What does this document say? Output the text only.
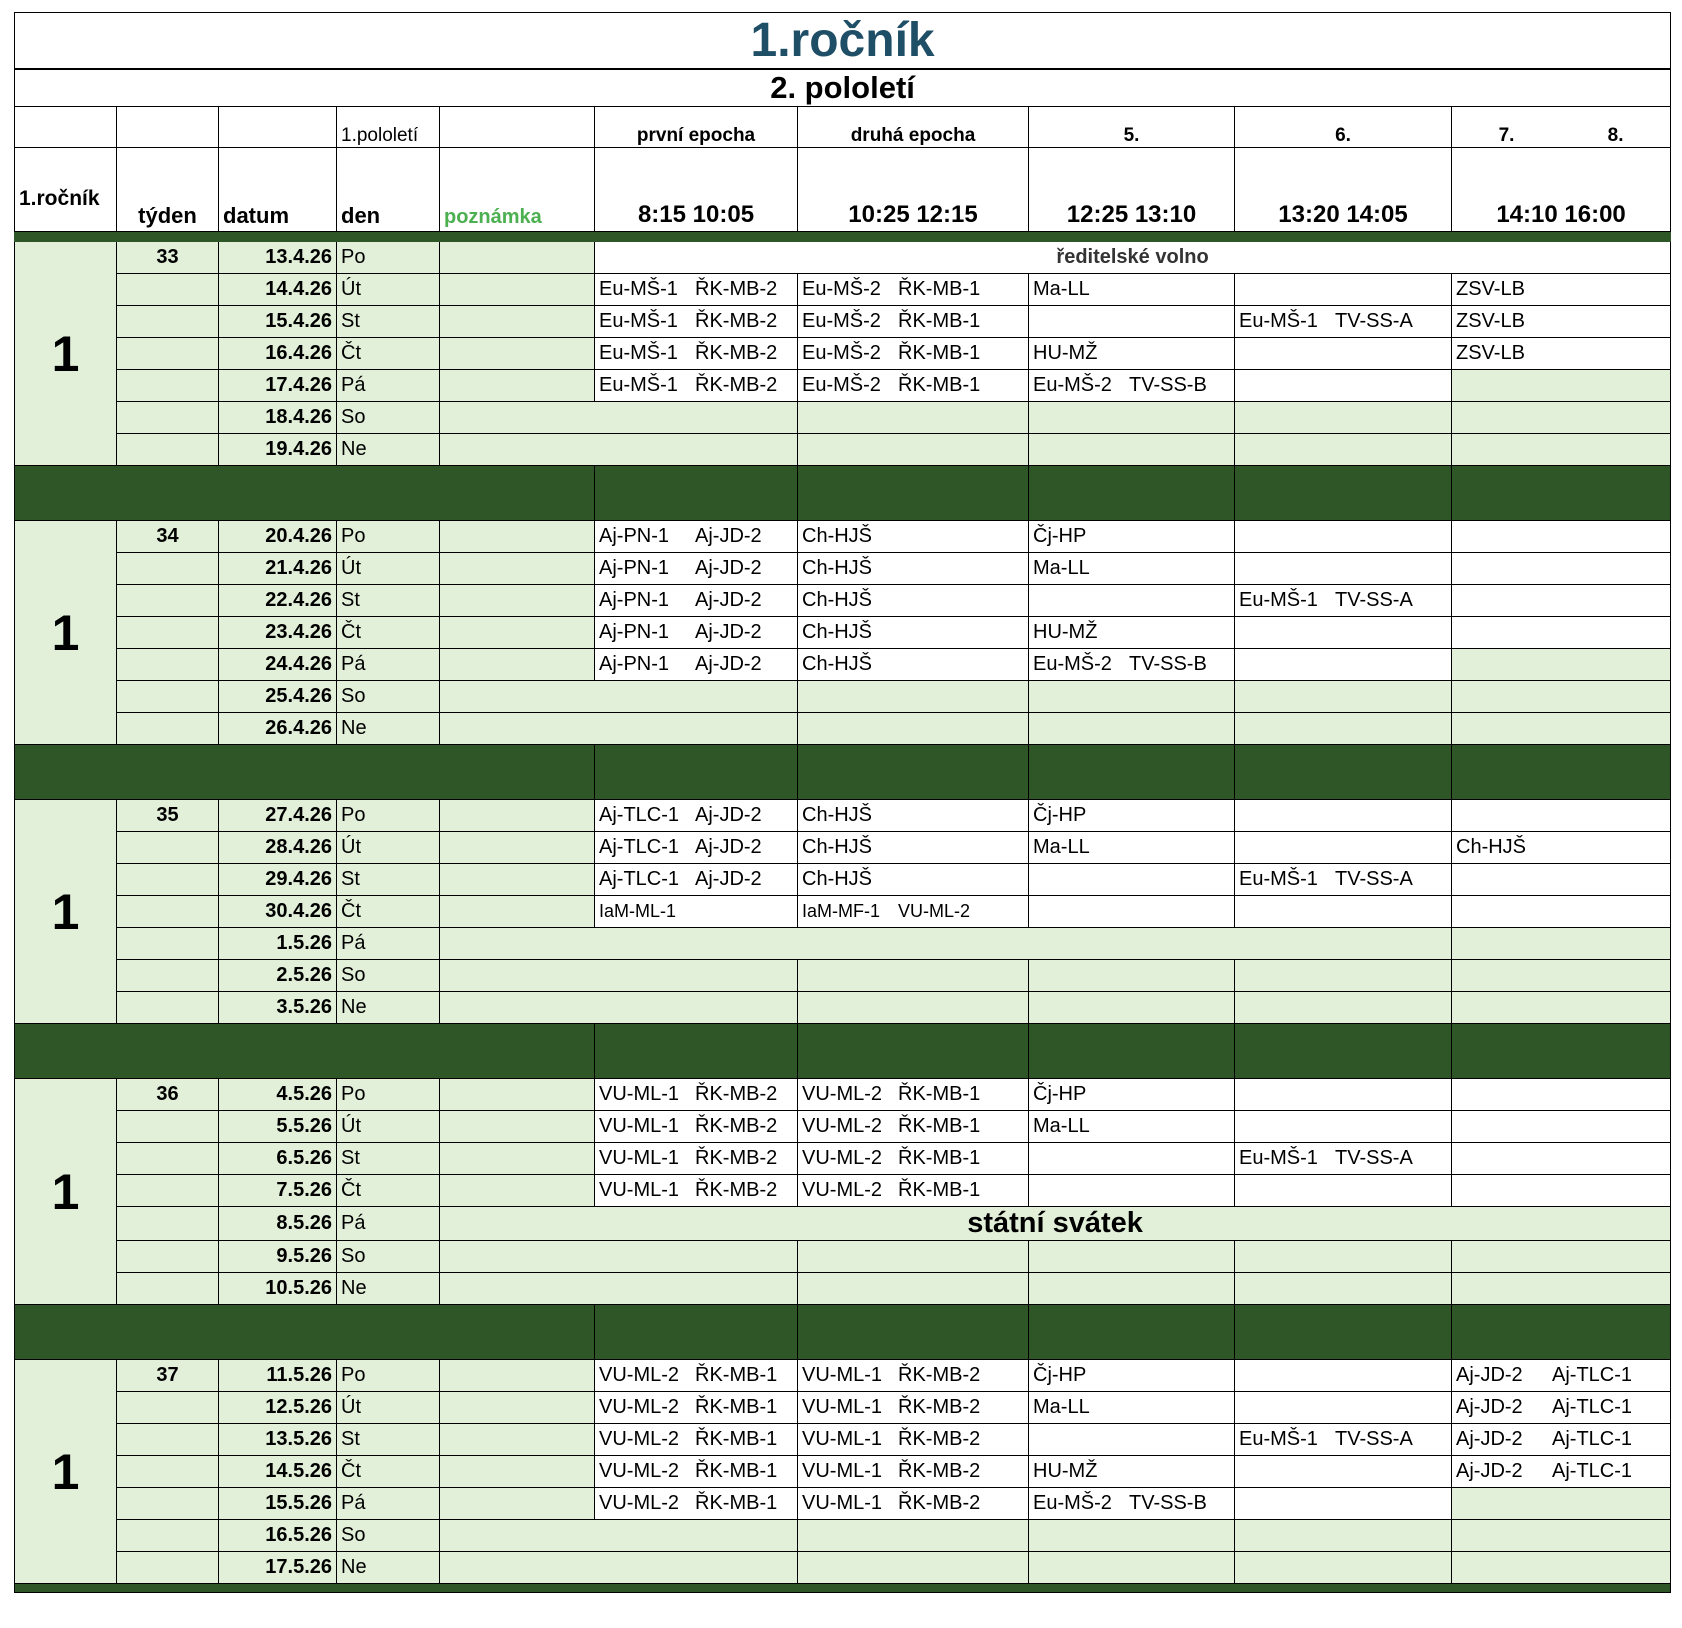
1.ročník									
2. pololetí									
			1.pololetí		první epocha	druhá epocha	5.	6.	7. 8.

1.ročník	týden	datum	den	poznámka	8:15 10:05	10:25 12:15	12:25 13:10	13:20 14:05	14:10 16:00

1	33	13.4.26	Po		ředitelské volno				
		14.4.26	Út		Eu-MŠ-1 ŘK-MB-2	Eu-MŠ-2 ŘK-MB-1	Ma-LL		ZSV-LB
		15.4.26	St		Eu-MŠ-1 ŘK-MB-2	Eu-MŠ-2 ŘK-MB-1		Eu-MŠ-1 TV-SS-A	ZSV-LB
		16.4.26	Čt		Eu-MŠ-1 ŘK-MB-2	Eu-MŠ-2 ŘK-MB-1	HU-MŽ		ZSV-LB
		17.4.26	Pá		Eu-MŠ-1 ŘK-MB-2	Eu-MŠ-2 ŘK-MB-1	Eu-MŠ-2 TV-SS-B		

		18.4.26	So						
		19.4.26	Ne						

1	34	20.4.26	Po		Aj-PN-1 Aj-JD-2	Ch-HJŠ	Čj-HP		
		21.4.26	Út		Aj-PN-1 Aj-JD-2	Ch-HJŠ	Ma-LL		
		22.4.26	St		Aj-PN-1 Aj-JD-2	Ch-HJŠ		Eu-MŠ-1 TV-SS-A	

		23.4.26	Čt		Aj-PN-1 Aj-JD-2	Ch-HJŠ	HU-MŽ		
		24.4.26	Pá		Aj-PN-1 Aj-JD-2	Ch-HJŠ	Eu-MŠ-2 TV-SS-B		

		25.4.26	So						
		26.4.26	Ne						

1	35	27.4.26	Po		Aj-TLC-1 Aj-JD-2	Ch-HJŠ	Čj-HP		
		28.4.26	Út		Aj-TLC-1 Aj-JD-2	Ch-HJŠ	Ma-LL		Ch-HJŠ
		29.4.26	St		Aj-TLC-1 Aj-JD-2	Ch-HJŠ		Eu-MŠ-1 TV-SS-A	

		30.4.26	Čt		IaM-ML-1	IaM-MF-1 VU-ML-2			

		1.5.26	Pá						
		2.5.26	So						
		3.5.26	Ne						

1	36	4.5.26	Po		VU-ML-1 ŘK-MB-2	VU-ML-2 ŘK-MB-1	Čj-HP		
		5.5.26	Út		VU-ML-1 ŘK-MB-2	VU-ML-2 ŘK-MB-1	Ma-LL		
		6.5.26	St		VU-ML-1 ŘK-MB-2	VU-ML-2 ŘK-MB-1		Eu-MŠ-1 TV-SS-A	

		7.5.26	Čt		VU-ML-1 ŘK-MB-2	VU-ML-2 ŘK-MB-1			

		8.5.26	Pá	státní svátek					
		9.5.26	So						
		10.5.26	Ne						

1	37	11.5.26	Po		VU-ML-2 ŘK-MB-1	VU-ML-1 ŘK-MB-2	Čj-HP		Aj-JD-2 Aj-TLC-1

		12.5.26	Út		VU-ML-2 ŘK-MB-1	VU-ML-1 ŘK-MB-2	Ma-LL		Aj-JD-2 Aj-TLC-1

		13.5.26	St		VU-ML-2 ŘK-MB-1	VU-ML-1 ŘK-MB-2		Eu-MŠ-1 TV-SS-A	Aj-JD-2 Aj-TLC-1

		14.5.26	Čt		VU-ML-2 ŘK-MB-1	VU-ML-1 ŘK-MB-2	HU-MŽ		Aj-JD-2 Aj-TLC-1

		15.5.26	Pá		VU-ML-2 ŘK-MB-1	VU-ML-1 ŘK-MB-2	Eu-MŠ-2 TV-SS-B		

		16.5.26	So						
		17.5.26	Ne						
